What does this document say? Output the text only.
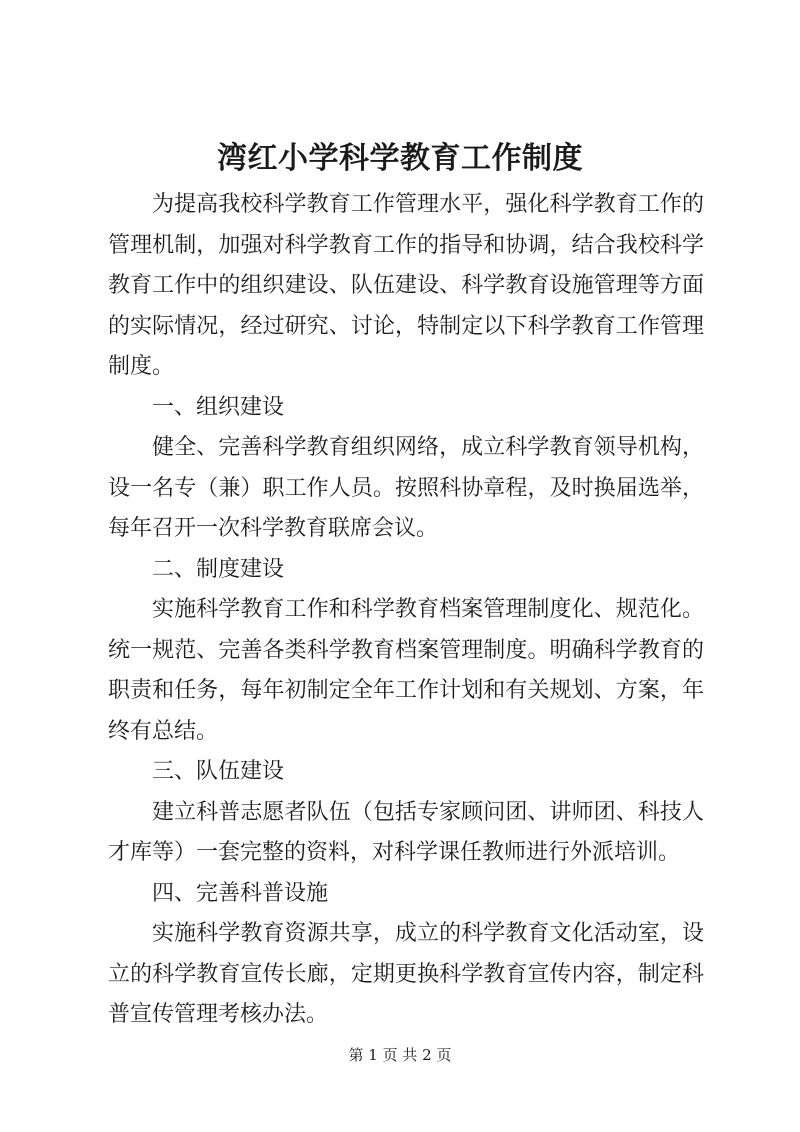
湾红小学科学教育工作制度

为提高我校科学教育工作管理水平，强化科学教育工作的管理机制，加强对科学教育工作的指导和协调，结合我校科学教育工作中的组织建设、队伍建设、科学教育设施管理等方面的实际情况，经过研究、讨论，特制定以下科学教育工作管理制度。

一、组织建设

健全、完善科学教育组织网络，成立科学教育领导机构，设一名专（兼）职工作人员。按照科协章程，及时换届选举，每年召开一次科学教育联席会议。

二、制度建设

实施科学教育工作和科学教育档案管理制度化、规范化。统一规范、完善各类科学教育档案管理制度。明确科学教育的职责和任务，每年初制定全年工作计划和有关规划、方案，年终有总结。

三、队伍建设

建立科普志愿者队伍（包括专家顾问团、讲师团、科技人才库等）一套完整的资料，对科学课任教师进行外派培训。

四、完善科普设施

实施科学教育资源共享，成立的科学教育文化活动室，设立的科学教育宣传长廊，定期更换科学教育宣传内容，制定科普宣传管理考核办法。

第 1 页 共 2 页
